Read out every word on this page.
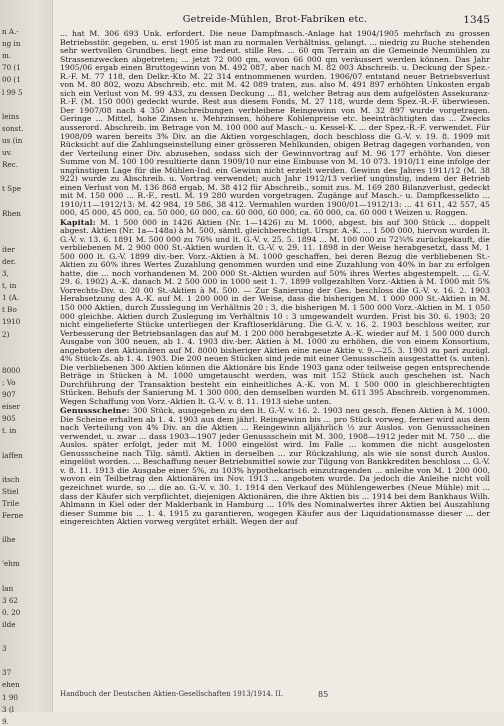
n A.-
ng in
m.
70 (1
00 (1
l 99 5
leins
sonst.
us (in
uv.
Rec.
t Spe
Rhen
iter
der.
3,
t, in
1 (A.
t Bo
1910
2)
8000
; Vo
907
eiser
905
t. in
laffen
itsch
Stiel
Trile
Ferne
ilhe
'ehm
lan
3 62
0. 20
ilde
3
37
ehen
1 90
3 (l
9.
Getreide-Mühlen, Brot-Fabriken etc.	1345

... hat M. 306 693 Unk. erfordert. Die neue Dampfmasch.-Anlage hat 1904/1905 mehrfach zu grossen Betriebsstör. gegeben, u. erst 1905 ist man zu normalen Verhältniss. gelangt. ... niedrig zu Buche stehenden sehr wertvollen Grundbes. liegt eine bedeut. stille Res. ... 60 qm Terrain an die Gemeinde Neumühlen zu Strassenzwecken abgetreten; ... jetzt 72 000 qm, wovon 66 000 qm veräussert werden können. Das Jahr 1905/06 ergab einen Bruttogewinn von M. 492 087, aber nach M. 82 003 Abschreib. u. Deckung der Spez.-R.-F. M. 77 118, den Delkr.-Kto M. 22 314 entnommenen wurden. 1906/07 entstand neuer Betriebsverlust von M. 80 802, wozu Abschreib. etc. mit M. 42 089 traten, zus. also M. 491 897 erhöhten Unkosten ergab sich ein Verlust von M. 99 433, zu dessen Deckung ... 81, welcher Betrag aus dem aufgelösten Assekuranz-R.-F. (M. 150 000) gedeckt wurde. Rest aus diesem Fonds, M. 27 118, wurde dem Spez.-R.-F. überwiesen. Der 1907/08 nach 4 350 Abschreibungen verbleibene Reingewinn von M. 32 897 wurde vorgetragen. Geringe ... Mittel, hohe Zinsen u. Mehrzinsen, höhere Kohlenpreise etc. beeinträchtigten das ... Zwecks ausserord. Abschreib. im Betrage von M. 100 000 auf Masch.- u. Kessel-K. ... der Spez.-R.-F. verwendet. Für 1908/09 waren bereits 3% Div. an die Aktien vorgeschlagen, doch beschloss die G.-V. v. 19. 8. 1909 mit Rücksicht auf die Zahlungseinstellung einer grösseren Mehlkunden, obigen Betrag dagegen vorhanden, von der Verteilung einer Div. abzusehen, sodass sich der Gewinnvortrag auf M. 96 177 erhöhte. Von dieser Summe von M. 100 100 resultierte dann 1909/10 nur eine Einbusse von M. 10 073. 1910/11 eine infolge der ungünstigen Lage für die Mühlen-Ind. ein Gewinn nicht erzielt werden. Gewinn des Jahres 1911/12 (M. 38 922) wurde zu Abschreib. u. Vortrag verwendet; auch Jahr 1912/13 verlief ungünstig, indem der Betrieb einen Verlust von M. 136 868 ergab, M. 38 412 für Abschreib., somit zus. M. 169 280 Bilanzverlust, gedeckt mit M. 150 000 ... R.-F., restl. M. 19 280 wurden vorgetragen. Zugänge auf Masch.- u. Dampfkesselkto ... 1910/11—1912/13: M. 42 984, 19 586, 38 412. Vermahlen wurden 1900/01—1912/13: ... 41 611, 42 557, 45 000, 45 000, 45 000, ca. 50 000, 60 000, ca. 60 000, 60 000, ca. 60 000, ca. 60 000 t Weizen u. Roggen.

Kapital: M. 1 500 000 in 1426 Aktien (Nr. 1—1426) zu M. 1000, abgest. bis auf 300 Stück ... doppelt abgest. Aktien (Nr. 1a—148a) à M. 500, sämtl. gleichberechtigt. Urspr. A.-K. ... 1 500 000, hiervon wurden lt. G.-V. v. 13. 6. 1891 M. 500 000 zu 76% und lt. G.-V. v. 25. 5. 1894 ... M. 100 000 zu 72¾% zurückgekauft, die verbliebenen M. 2 900 000 St.-Aktien wurden lt. G.-V. v. 29. 11. 1898 in der Weise herabgesetzt, dass M. 1 500 000 lt. G.-V. 1899 div.-ber. Vorz.-Aktien à M. 1000 geschaffen, bei deren Bezug die verbliebenen St.-Aktien zu 60% ihres Wertes Zuzahlung genommen wurden und eine Zuzahlung von 40% in bar zu erfolgen hatte, die ... noch vorhandenen M. 200 000 St.-Aktien wurden auf 50% ihres Wertes abgestempelt. ... G.-V. 29. 6. 1902) A.-K. danach M. 2 500 000 in 1000 seit 1. 7. 1899 vollgezahlten Vorz.-Aktien à M. 1000 mit 5% Vorrechts-Div. u. 20 00 St.-Aktien à M. 500. — Zur Sanierung der Ges. beschloss die G.-V. v. 16. 2. 1903 Herabsetzung des A.-K. auf M. 1 200 000 in der Weise, dass die bisherigen M. 1 000 000 St.-Aktien in M. 150 000 Aktien, durch Zusslegung im Verhältnis 20 : 3, die bisherigen M. 1 500 000 Vorz.-Aktien in M. 1 050 000 gleichbe. Aktien durch Zuslegung im Verhältnis 10 : 3 umgewandelt wurden. Frist bis 30. 6. 1903; 20 nicht eingelieferte Stücke unterliegen der Kraftloserklärung. Die G.-V. v. 16. 2. 1903 beschloss weiter, zur Verbesserung der Betriebsanlagen das auf M. 1 200 000 herabgesetzte A.-K. wieder auf M. 1 500 000 durch Ausgabe von 300 neuen, ab 1. 4. 1903 div.-ber. Aktien à M. 1000 zu erhöhen, die von einem Konsortium, angeboten den Aktionären auf M. 8000 bisheriger Aktien eine neue Aktie v. 9.—25. 3. 1903 zu pari zuzügl. 4% Stück-Zs. ab 1. 4. 1903. Die 200 neuen Stücken sind jede mit einer Genussschein ausgestattet (s. unten). Die verbliebenen 300 Aktien können die Aktionäre bis Ende 1903 ganz oder teilweise gegen entsprechende Beträge in Stücken à M. 1000 umgetauscht werden, was mit 152 Stück auch geschehen ist. Nach Durchführung der Transaktion besteht ein einheitliches A.-K. von M. 1 500 000 in gleichberechtigten Stücken. Behufs der Sanierung M. 1 300 000, den demselben wurden M. 611 395 Abschreib. vorgenommen. Wegen Schaffung von Vorz.-Aktien lt. G.-V. v. 8. 11. 1913 siehe unten.

Genussscheine: 300 Stück, ausgegeben zu den lt. G.-V. v. 16. 2. 1903 neu gesch. ffenen Aktien à M. 1000. Die Scheine erhalten ab 1. 4. 1903 aus dem jährl. Reingewinn bis ... pro Stück vorweg, ferner wird aus dem nach Verteilung von 4% Div. an die Aktien ... Reingewinn alljährlich ⅓ zur Auslos. von Genussscheinen verwendet, u. zwar ... dass 1903—1907 jeder Genussschein mit M. 300, 1908—1912 jeder mit M. 750 ... die Auslos. später erfolgt, jeder mit M. 1000 eingelöst wird. Im Falle ... kommen die nicht ausgelosten Genussscheine nach Tilg. sämtl. Aktien in derselben ... zur Rückzahlung, als wie sie sonst durch Auslos. eingelöst worden. ... Beschaffung neuer Betriebsmittel sowie zur Tilgung von Bankkrediten beschloss ... G.-V. v. 8. 11. 1913 die Ausgabe einer 5%, zu 103% hypothekarisch einzutragenden ... anleihe von M. 1 200 000, wovon ein Teilbetrag den Aktionären im Nov. 1913 ... angeboten wurde. Da jedoch die Anleihe nicht voll gezeichnet wurde, so ... die ao. G.-V. v. 30. 1. 1914 den Verkauf des Mühlengewerbes (Neue Mühle) mit ... dass der Käufer sich verpflichtet, diejenigen Aktionären, die ihre Aktien bis ... 1914 bei dem Bankhaus Wilh. Ahlmann in Kiel oder der Maklerbank in Hamburg ... 10% des Nominalwertes ihrer Aktien bei Auszahlung dieser Summe bis ... 1. 4. 1915 zu garantieren, wogegen Käufer aus der Liquidationsmasse dieser ... der eingereichten Aktien vorweg vergütet erhält. Wegen der auf

Handbuch der Deutschen Aktien-Gesellschaften 1913/1914. II.	85
